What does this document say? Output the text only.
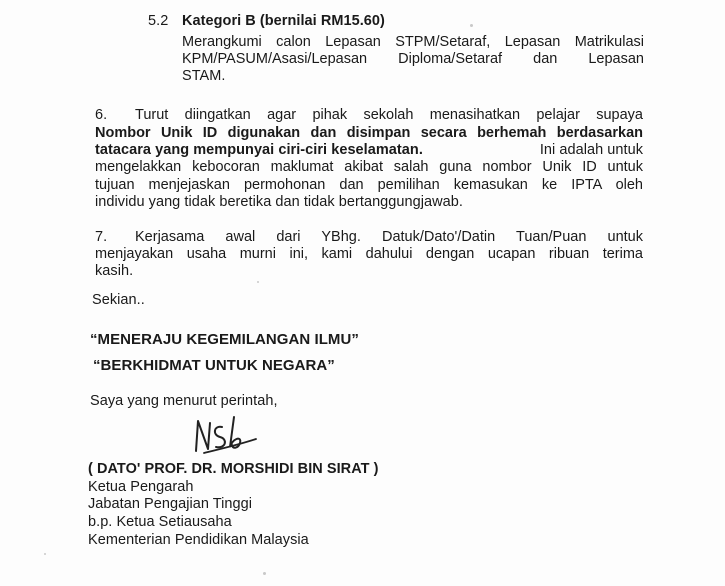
5.2 Kategori B (bernilai RM15.60)
Merangkumi calon Lepasan STPM/Setaraf, Lepasan Matrikulasi
KPM/PASUM/Asasi/Lepasan Diploma/Setaraf dan Lepasan
STAM.
6. Turut diingatkan agar pihak sekolah menasihatkan pelajar supaya
Nombor Unik ID digunakan dan disimpan secara berhemah berdasarkan
tatacara yang mempunyai ciri-ciri keselamatan.	Ini adalah untuk
mengelakkan kebocoran maklumat akibat salah guna nombor Unik ID untuk
tujuan menjejaskan permohonan dan pemilihan kemasukan ke IPTA oleh
individu yang tidak beretika dan tidak bertanggungjawab.
7. Kerjasama awal dari YBhg. Datuk/Dato'/Datin Tuan/Puan untuk
menjayakan usaha murni ini, kami dahului dengan ucapan ribuan terima
kasih.
Sekian..
“MENERAJU KEGEMILANGAN ILMU”
“BERKHIDMAT UNTUK NEGARA”
Saya yang menurut perintah,
( DATO' PROF. DR. MORSHIDI BIN SIRAT )
Ketua Pengarah
Jabatan Pengajian Tinggi
b.p. Ketua Setiausaha
Kementerian Pendidikan Malaysia
